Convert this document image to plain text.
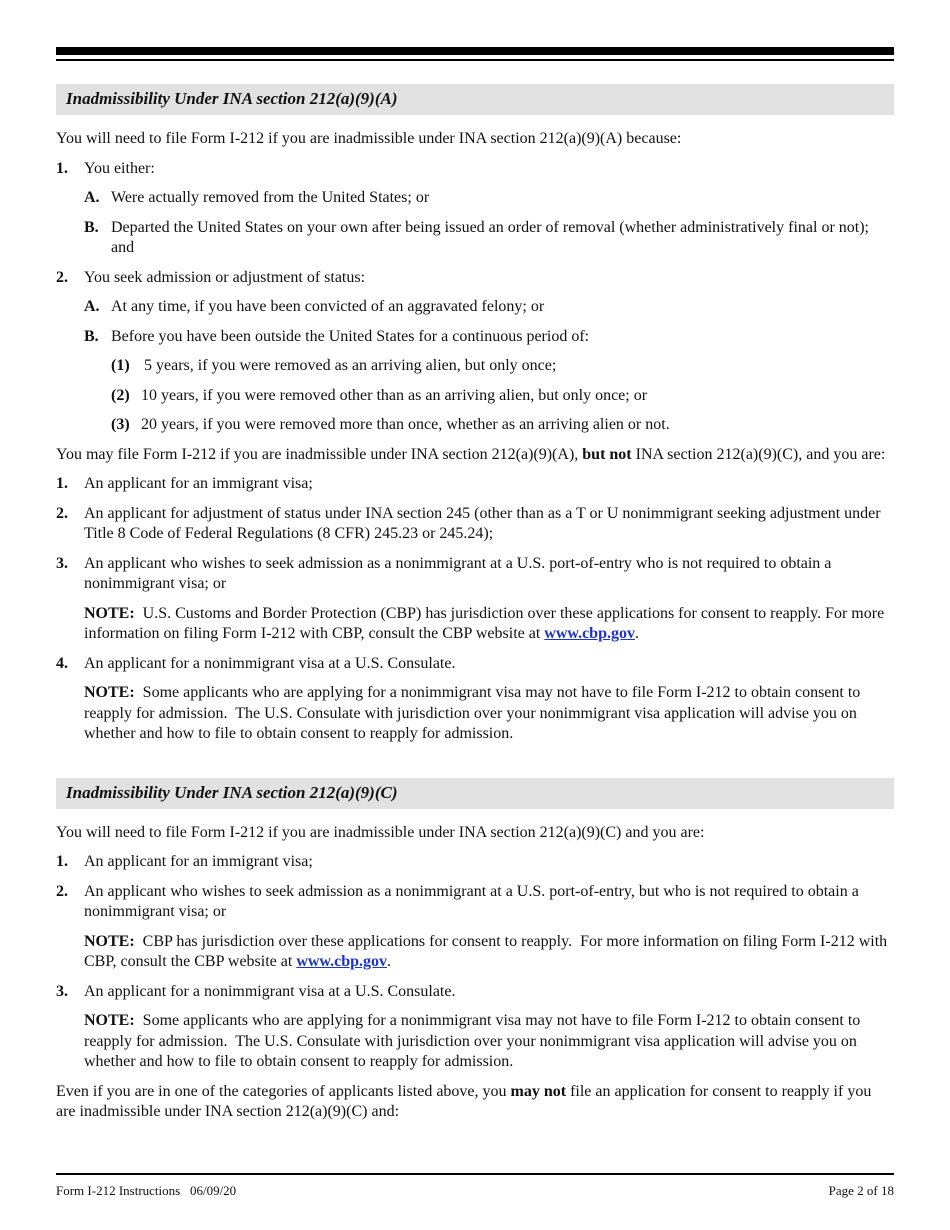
Inadmissibility Under INA section 212(a)(9)(A)

You will need to file Form I-212 if you are inadmissible under INA section 212(a)(9)(A) because:

1.	You either:
A. Were actually removed from the United States; or
B. Departed the United States on your own after being issued an order of removal (whether administratively final or not); and
2.	You seek admission or adjustment of status:
A. At any time, if you have been convicted of an aggravated felony; or
B. Before you have been outside the United States for a continuous period of:
(1) 5 years, if you were removed as an arriving alien, but only once;
(2) 10 years, if you were removed other than as an arriving alien, but only once; or
(3) 20 years, if you were removed more than once, whether as an arriving alien or not.

You may file Form I-212 if you are inadmissible under INA section 212(a)(9)(A), but not INA section 212(a)(9)(C), and you are:

1.	An applicant for an immigrant visa;
2.	An applicant for adjustment of status under INA section 245 (other than as a T or U nonimmigrant seeking adjustment under Title 8 Code of Federal Regulations (8 CFR) 245.23 or 245.24);
3.	An applicant who wishes to seek admission as a nonimmigrant at a U.S. port-of-entry who is not required to obtain a nonimmigrant visa; or

NOTE:  U.S. Customs and Border Protection (CBP) has jurisdiction over these applications for consent to reapply. For more information on filing Form I-212 with CBP, consult the CBP website at www.cbp.gov.

4.	An applicant for a nonimmigrant visa at a U.S. Consulate.

NOTE:  Some applicants who are applying for a nonimmigrant visa may not have to file Form I-212 to obtain consent to reapply for admission.  The U.S. Consulate with jurisdiction over your nonimmigrant visa application will advise you on whether and how to file to obtain consent to reapply for admission.

Inadmissibility Under INA section 212(a)(9)(C)

You will need to file Form I-212 if you are inadmissible under INA section 212(a)(9)(C) and you are:

1.	An applicant for an immigrant visa;
2.	An applicant who wishes to seek admission as a nonimmigrant at a U.S. port-of-entry, but who is not required to obtain a nonimmigrant visa; or

NOTE:  CBP has jurisdiction over these applications for consent to reapply.  For more information on filing Form I-212 with CBP, consult the CBP website at www.cbp.gov.

3.	An applicant for a nonimmigrant visa at a U.S. Consulate.

NOTE:  Some applicants who are applying for a nonimmigrant visa may not have to file Form I-212 to obtain consent to reapply for admission.  The U.S. Consulate with jurisdiction over your nonimmigrant visa application will advise you on whether and how to file to obtain consent to reapply for admission.

Even if you are in one of the categories of applicants listed above, you may not file an application for consent to reapply if you are inadmissible under INA section 212(a)(9)(C) and:

Form I-212 Instructions   06/09/20	Page 2 of 18
